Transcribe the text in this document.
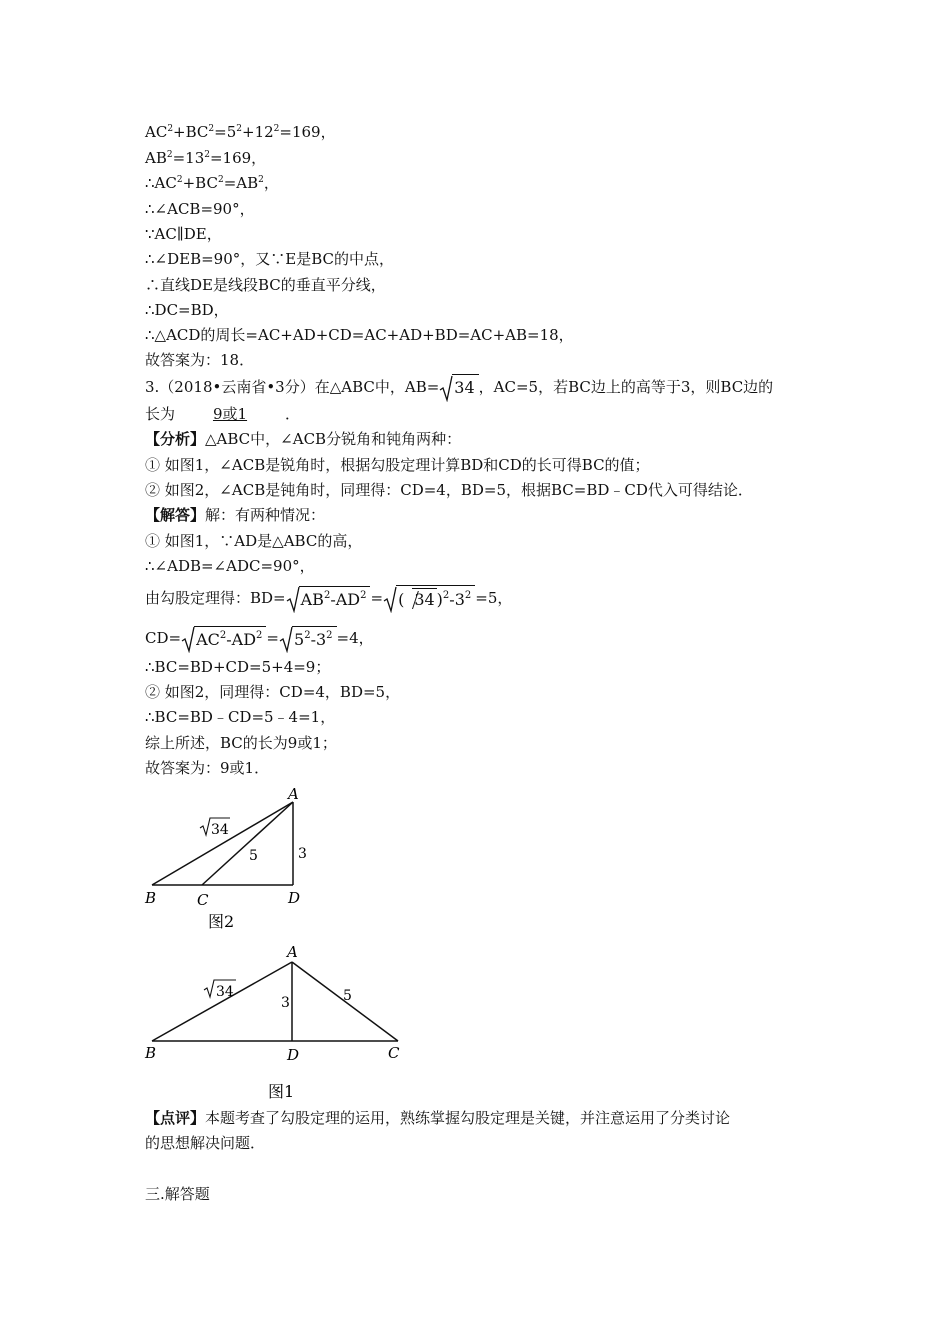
$AC^2+BC^2=5^2+12^2=169$，
$AB^2=13^2=169$，
$\therefore AC^2+BC^2=AB^2$，
∴∠ACB=90°，
∵AC∥DE，
∴∠DEB=90°，又∵E是BC的中点，
∴直线DE是线段BC的垂直平分线，
∴DC=BD，
∴△ACD的周长=AC+AD+CD=AC+AD+BD=AC+AB=18，
故答案为：18．
3.（2018•云南省•3分）在△ABC中，AB= 34 ，AC=5，若BC边上的高等于3，则BC边的
长为	9或1	．
【分析】△ABC中，∠ACB分锐角和钝角两种：
① 如图1，∠ACB是锐角时，根据勾股定理计算BD和CD的长可得BC的值；
② 如图2，∠ACB是钝角时，同理得：CD=4，BD=5，根据BC=BD﹣CD代入可得结论．
【解答】解：有两种情况：
① 如图1，∵AD是△ABC的高，
∴∠ADB=∠ADC=90°，
由勾股定理得：$BD= AB^2-AD^2$ = ( 34 )$^2-3^2 =5$，
$CD= AC^2-AD^2 = 5^2-3^2 =4$，
∴BC=BD+CD=5+4=9；
② 如图2，同理得：CD=4，BD=5，
∴BC=BD﹣CD=5﹣4=1，
综上所述，BC的长为9或1；
故答案为：9或1．
A
B	C	D
34
5	3
图2
A
B	C
D
34
3	5
图1
【点评】本题考查了勾股定理的运用，熟练掌握勾股定理是关键，并注意运用了分类讨论
的思想解决问题．
三.解答题
